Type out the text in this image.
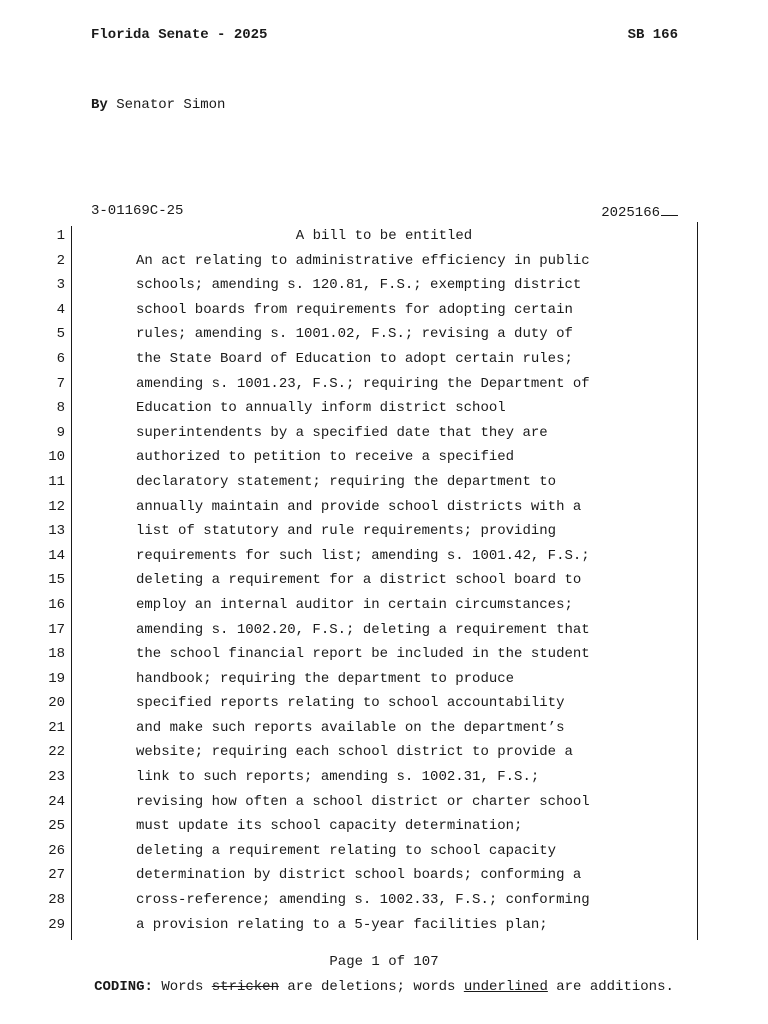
Florida Senate - 2025	SB 166
By Senator Simon
3-01169C-25	2025166
1	A bill to be entitled
2	An act relating to administrative efficiency in public
3	schools; amending s. 120.81, F.S.; exempting district
4	school boards from requirements for adopting certain
5	rules; amending s. 1001.02, F.S.; revising a duty of
6	the State Board of Education to adopt certain rules;
7	amending s. 1001.23, F.S.; requiring the Department of
8	Education to annually inform district school
9	superintendents by a specified date that they are
10	authorized to petition to receive a specified
11	declaratory statement; requiring the department to
12	annually maintain and provide school districts with a
13	list of statutory and rule requirements; providing
14	requirements for such list; amending s. 1001.42, F.S.;
15	deleting a requirement for a district school board to
16	employ an internal auditor in certain circumstances;
17	amending s. 1002.20, F.S.; deleting a requirement that
18	the school financial report be included in the student
19	handbook; requiring the department to produce
20	specified reports relating to school accountability
21	and make such reports available on the department’s
22	website; requiring each school district to provide a
23	link to such reports; amending s. 1002.31, F.S.;
24	revising how often a school district or charter school
25	must update its school capacity determination;
26	deleting a requirement relating to school capacity
27	determination by district school boards; conforming a
28	cross-reference; amending s. 1002.33, F.S.; conforming
29	a provision relating to a 5-year facilities plan;
Page 1 of 107
CODING: Words stricken are deletions; words underlined are additions.
